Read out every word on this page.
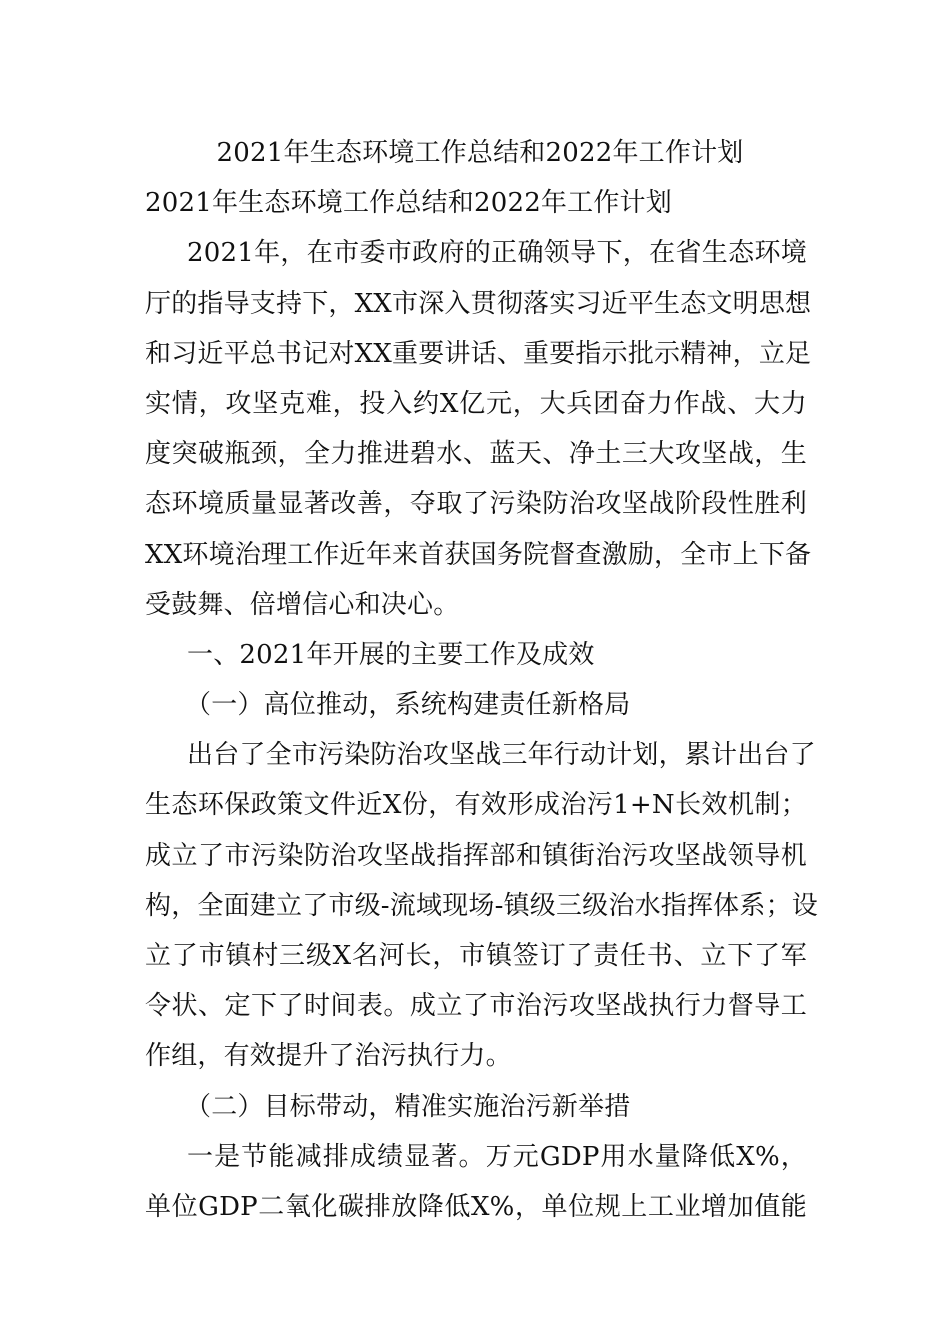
2021年生态环境工作总结和2022年工作计划
2021年生态环境工作总结和2022年工作计划
2021年，在市委市政府的正确领导下，在省生态环境
厅的指导支持下，XX市深入贯彻落实习近平生态文明思想
和习近平总书记对XX重要讲话、重要指示批示精神，立足
实情，攻坚克难，投入约X亿元，大兵团奋力作战、大力
度突破瓶颈，全力推进碧水、蓝天、净土三大攻坚战，生
态环境质量显著改善，夺取了污染防治攻坚战阶段性胜利
XX环境治理工作近年来首获国务院督查激励，全市上下备
受鼓舞、倍增信心和决心。
一、2021年开展的主要工作及成效
（一）高位推动，系统构建责任新格局
出台了全市污染防治攻坚战三年行动计划，累计出台了
生态环保政策文件近X份，有效形成治污1+N长效机制；
成立了市污染防治攻坚战指挥部和镇街治污攻坚战领导机
构，全面建立了市级-流域现场-镇级三级治水指挥体系；设
立了市镇村三级X名河长，市镇签订了责任书、立下了军
令状、定下了时间表。成立了市治污攻坚战执行力督导工
作组，有效提升了治污执行力。
（二）目标带动，精准实施治污新举措
一是节能减排成绩显著。万元GDP用水量降低X%，
单位GDP二氧化碳排放降低X%，单位规上工业增加值能
